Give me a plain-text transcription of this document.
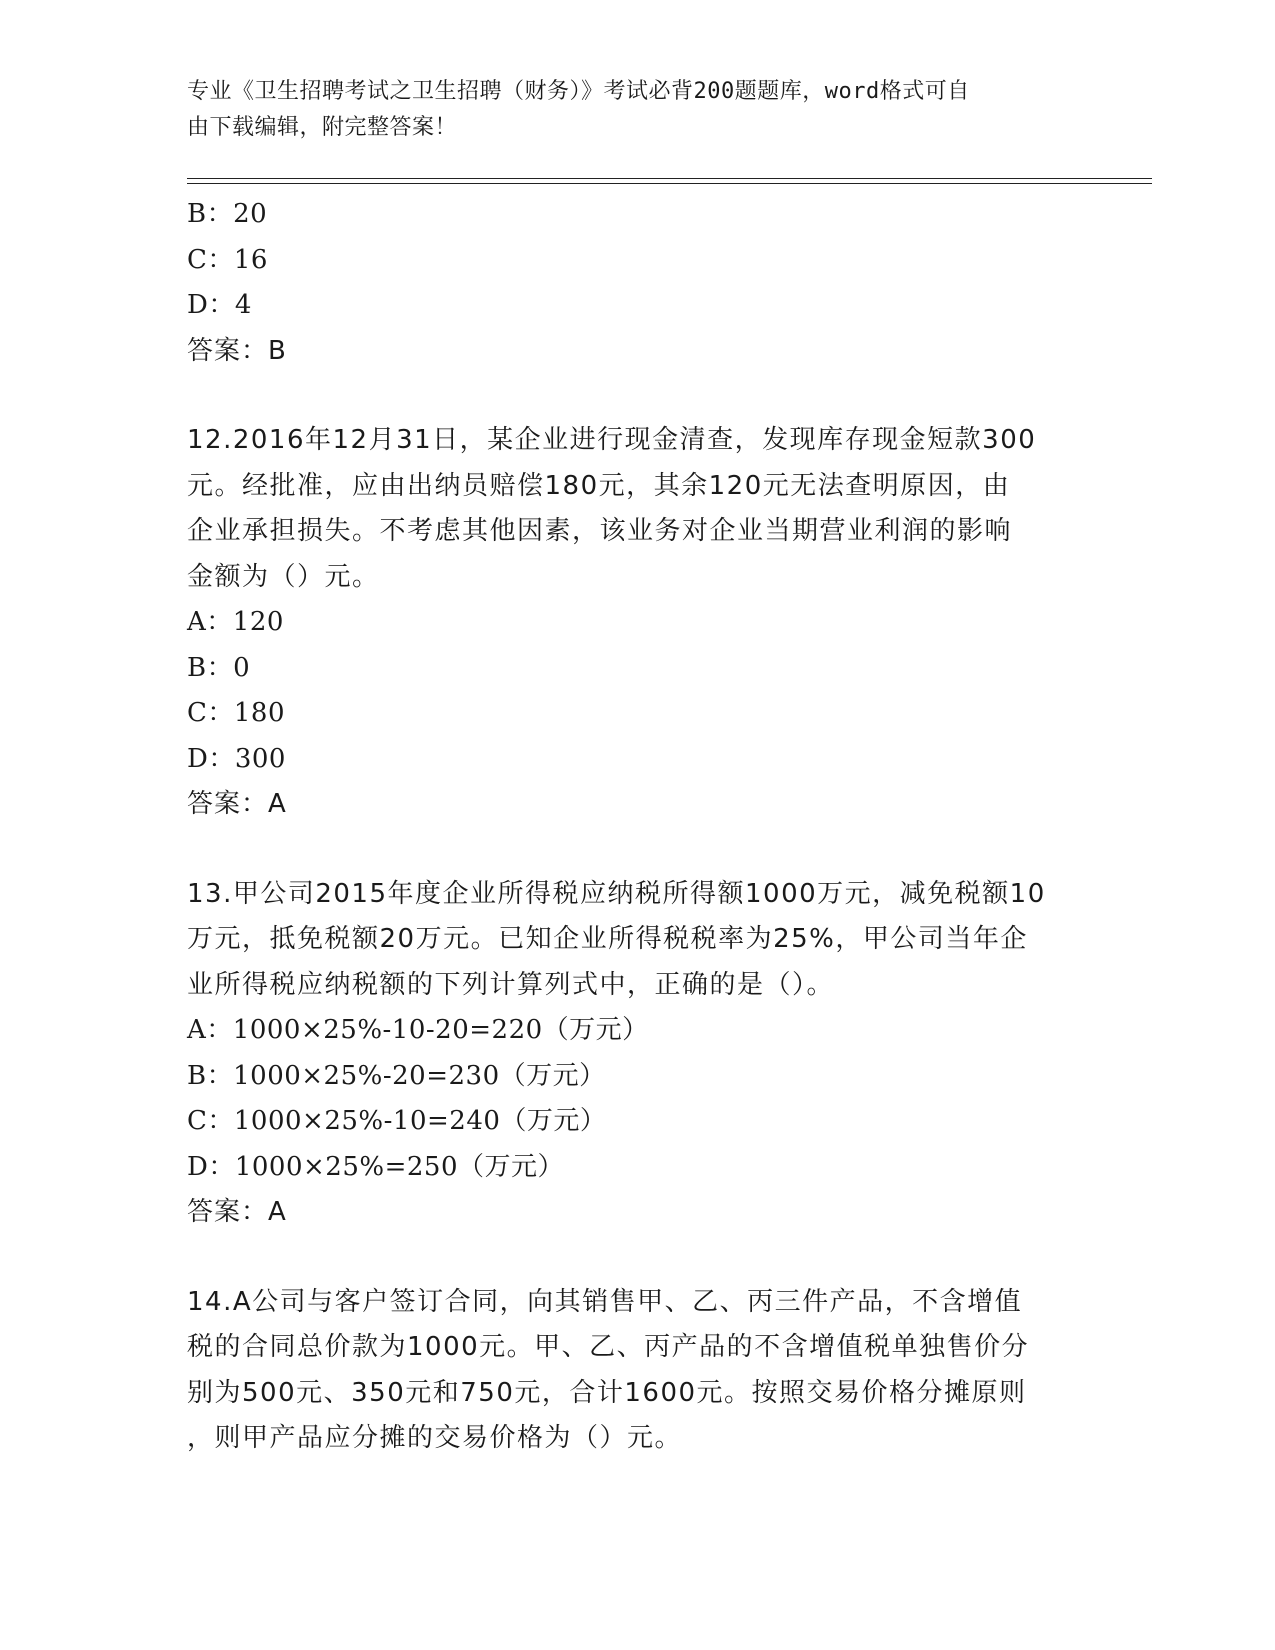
专业《卫生招聘考试之卫生招聘（财务）》考试必背200题题库，word格式可自
由下载编辑，附完整答案！
B：20
C：16
D：4
答案：B
12.2016年12月31日，某企业进行现金清查，发现库存现金短款300
元。经批准，应由出纳员赔偿180元，其余120元无法查明原因，由
企业承担损失。不考虑其他因素，该业务对企业当期营业利润的影响
金额为（）元。
A：120
B：0
C：180
D：300
答案：A
13.甲公司2015年度企业所得税应纳税所得额1000万元，减免税额10
万元，抵免税额20万元。已知企业所得税税率为25%，甲公司当年企
业所得税应纳税额的下列计算列式中，正确的是（）。
A：1000×25%-10-20=220（万元）
B：1000×25%-20=230（万元）
C：1000×25%-10=240（万元）
D：1000×25%=250（万元）
答案：A
14.A公司与客户签订合同，向其销售甲、乙、丙三件产品，不含增值
税的合同总价款为1000元。甲、乙、丙产品的不含增值税单独售价分
别为500元、350元和750元，合计1600元。按照交易价格分摊原则
，则甲产品应分摊的交易价格为（）元。
